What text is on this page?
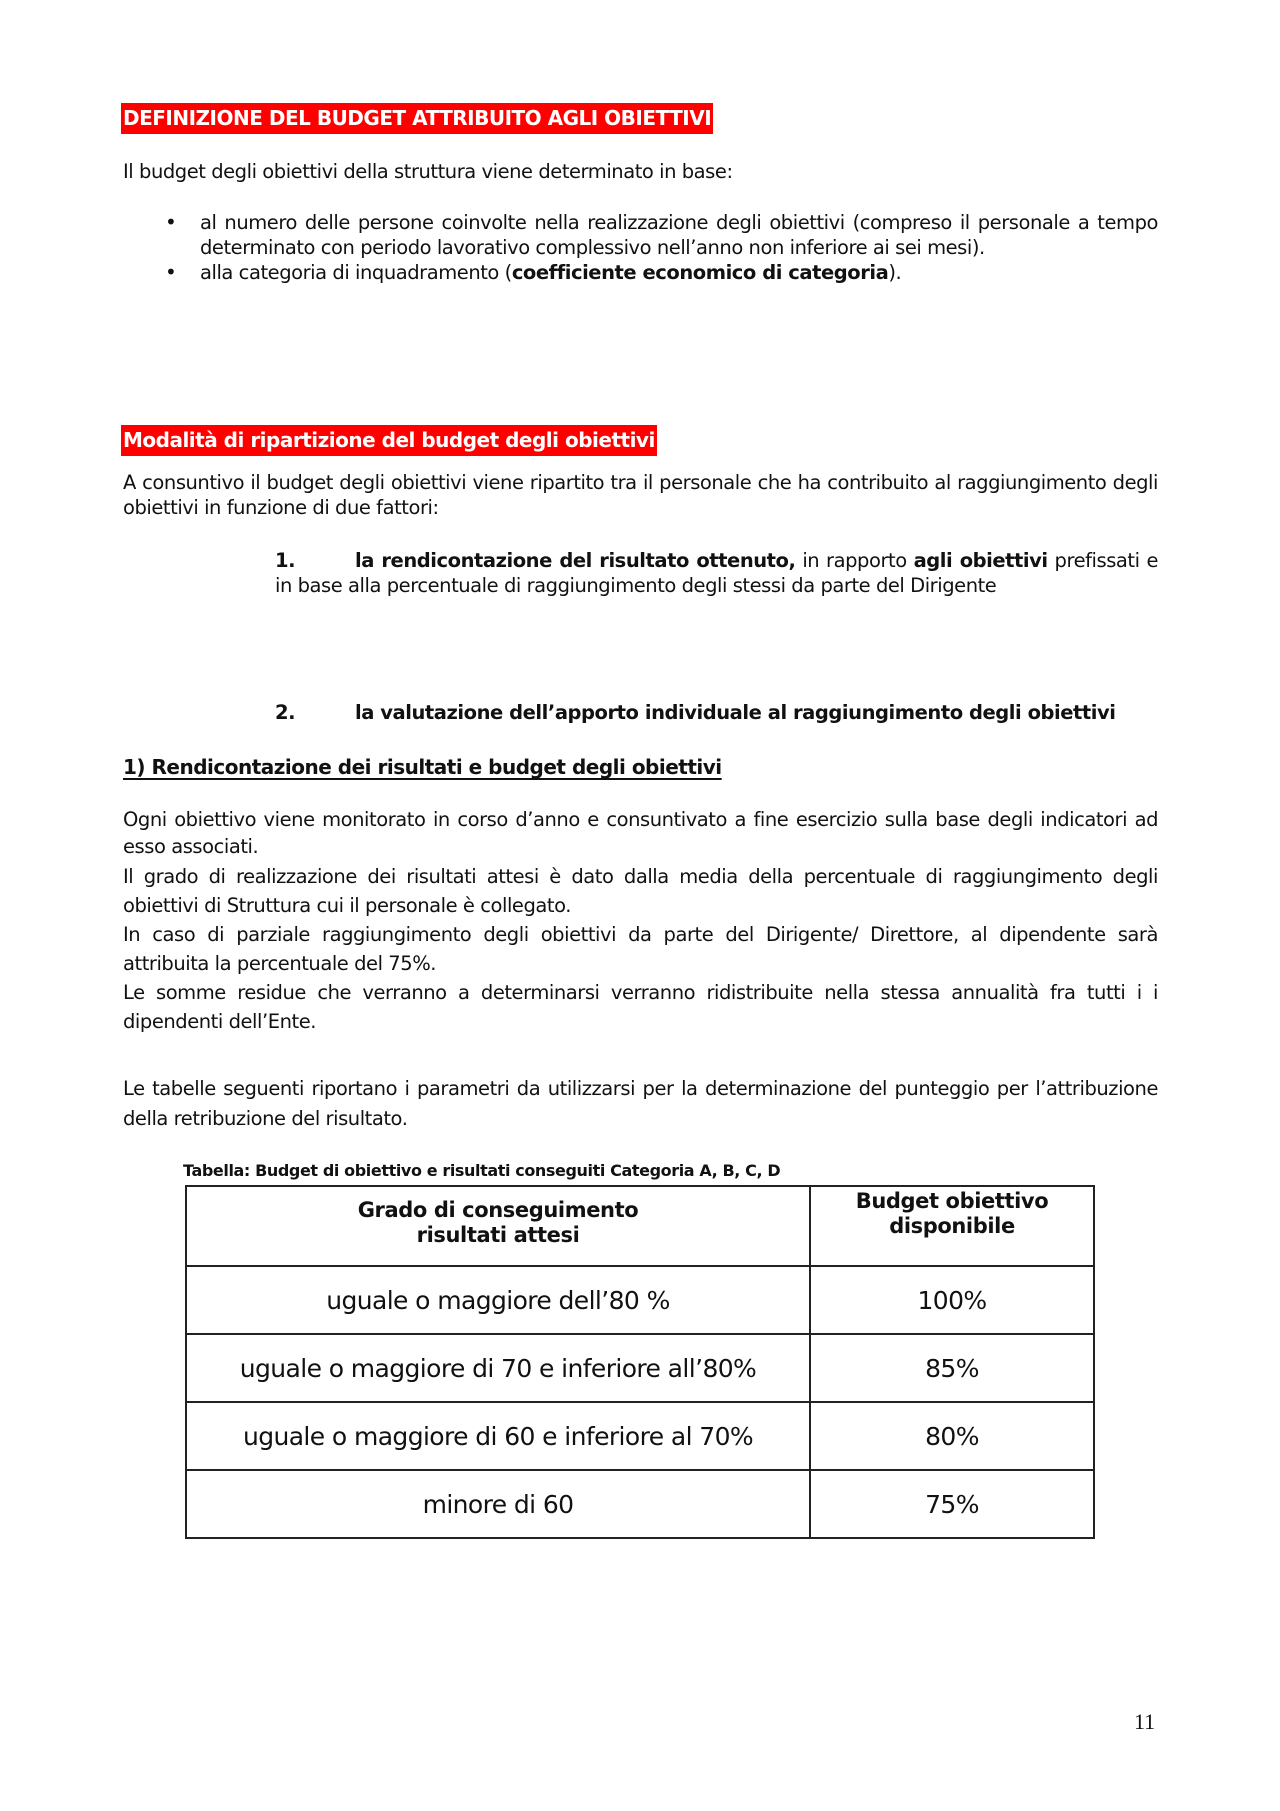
DEFINIZIONE DEL BUDGET ATTRIBUITO AGLI OBIETTIVI
Il budget degli obiettivi della struttura viene determinato in base:
• al numero delle persone coinvolte nella realizzazione degli obiettivi (compreso il personale a tempo determinato con periodo lavorativo complessivo nell’anno non inferiore ai sei mesi).
• alla categoria di inquadramento (coefficiente economico di categoria).
Modalità di ripartizione del budget degli obiettivi
A consuntivo il budget degli obiettivi viene ripartito tra il personale che ha contribuito al raggiungimento degli obiettivi in funzione di due fattori:
1.	la rendicontazione del risultato ottenuto, in rapporto agli obiettivi prefissati e in base alla percentuale di raggiungimento degli stessi da parte del Dirigente
2.	la valutazione dell’apporto individuale al raggiungimento degli obiettivi
1) Rendicontazione dei risultati e budget degli obiettivi
Ogni obiettivo viene monitorato in corso d’anno e consuntivato a fine esercizio sulla base degli indicatori ad esso associati.
Il grado di realizzazione dei risultati attesi è dato dalla media della percentuale di raggiungimento degli obiettivi di Struttura cui il personale è collegato.
In caso di parziale raggiungimento degli obiettivi da parte del Dirigente/ Direttore, al dipendente sarà attribuita la percentuale del 75%.
Le somme residue che verranno a determinarsi verranno ridistribuite nella stessa annualità fra tutti i i dipendenti dell’Ente.
Le tabelle seguenti riportano i parametri da utilizzarsi per la determinazione del punteggio per l’attribuzione della retribuzione del risultato.
Tabella: Budget di obiettivo e risultati conseguiti Categoria A, B, C, D
Grado di conseguimento
risultati attesi	Budget obiettivo
disponibile

uguale o maggiore dell’80 %	100%
uguale o maggiore di 70 e inferiore all’80%	85%
uguale o maggiore di 60 e inferiore al 70%	80%
minore di 60	75%
11
